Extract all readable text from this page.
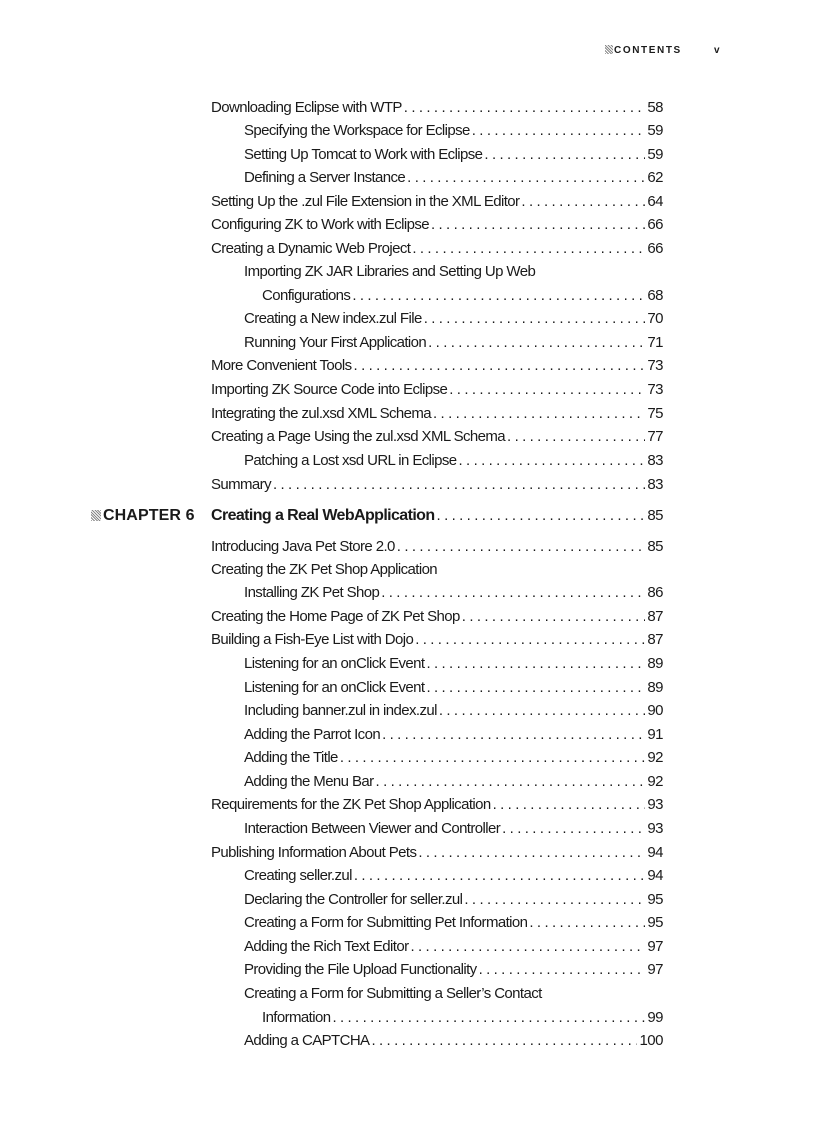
CONTENTS	v
Downloading Eclipse with WTP . . .	58
Specifying the Workspace for Eclipse . . .	59
Setting Up Tomcat to Work with Eclipse . . .	59
Defining a Server Instance . . .	62
Setting Up the .zul File Extension in the XML Editor . . .	64
Configuring ZK to Work with Eclipse . . .	66
Creating a Dynamic Web Project . . .	66
Importing ZK JAR Libraries and Setting Up Web
Configurations . . .	68
Creating a New index.zul File . . .	70
Running Your First Application . . .	71
More Convenient Tools . . .	73
Importing ZK Source Code into Eclipse . . .	73
Integrating the zul.xsd XML Schema . . .	75
Creating a Page Using the zul.xsd XML Schema . . .	77
Patching a Lost xsd URL in Eclipse . . .	83
Summary . . .	83
CHAPTER 6	Creating a Real WebApplication . . .	85
Introducing Java Pet Store 2.0 . . .	85
Creating the ZK Pet Shop Application
Installing ZK Pet Shop . . .	86
Creating the Home Page of ZK Pet Shop . . .	87
Building a Fish-Eye List with Dojo . . .	87
Listening for an onClick Event . . .	89
Listening for an onClick Event . . .	89
Including banner.zul in index.zul . . .	90
Adding the Parrot Icon . . .	91
Adding the Title . . .	92
Adding the Menu Bar . . .	92
Requirements for the ZK Pet Shop Application . . .	93
Interaction Between Viewer and Controller . . .	93
Publishing Information About Pets . . .	94
Creating seller.zul . . .	94
Declaring the Controller for seller.zul . . .	95
Creating a Form for Submitting Pet Information . . .	95
Adding the Rich Text Editor . . .	97
Providing the File Upload Functionality . . .	97
Creating a Form for Submitting a Seller’s Contact
Information . . .	99
Adding a CAPTCHA . . .	100
